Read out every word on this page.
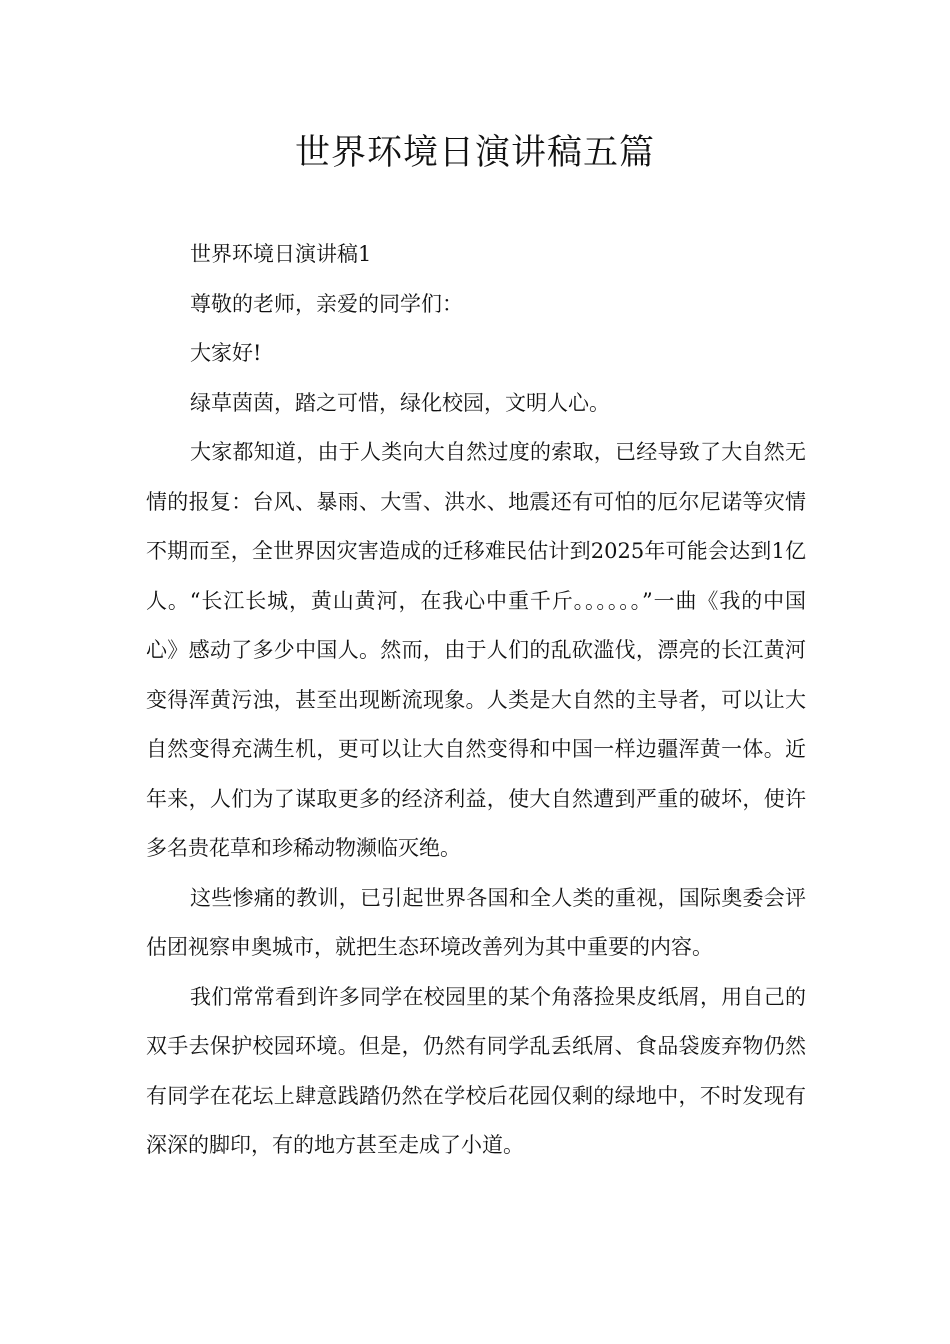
世界环境日演讲稿五篇

世界环境日演讲稿1

尊敬的老师，亲爱的同学们：

大家好!

绿草茵茵，踏之可惜，绿化校园，文明人心。

大家都知道，由于人类向大自然过度的索取，已经导致了大自然无情的报复：台风、暴雨、大雪、洪水、地震还有可怕的厄尔尼诺等灾情不期而至，全世界因灾害造成的迁移难民估计到2025年可能会达到1亿人。“长江长城，黄山黄河，在我心中重千斤。。。。。。”一曲《我的中国心》感动了多少中国人。然而，由于人们的乱砍滥伐，漂亮的长江黄河变得浑黄污浊，甚至出现断流现象。人类是大自然的主导者，可以让大自然变得充满生机，更可以让大自然变得和中国一样边疆浑黄一体。近年来，人们为了谋取更多的经济利益，使大自然遭到严重的破坏，使许多名贵花草和珍稀动物濒临灭绝。

这些惨痛的教训，已引起世界各国和全人类的重视，国际奥委会评估团视察申奥城市，就把生态环境改善列为其中重要的内容。

我们常常看到许多同学在校园里的某个角落捡果皮纸屑，用自己的双手去保护校园环境。但是，仍然有同学乱丢纸屑、食品袋废弃物仍然有同学在花坛上肆意践踏仍然在学校后花园仅剩的绿地中，不时发现有深深的脚印，有的地方甚至走成了小道。
